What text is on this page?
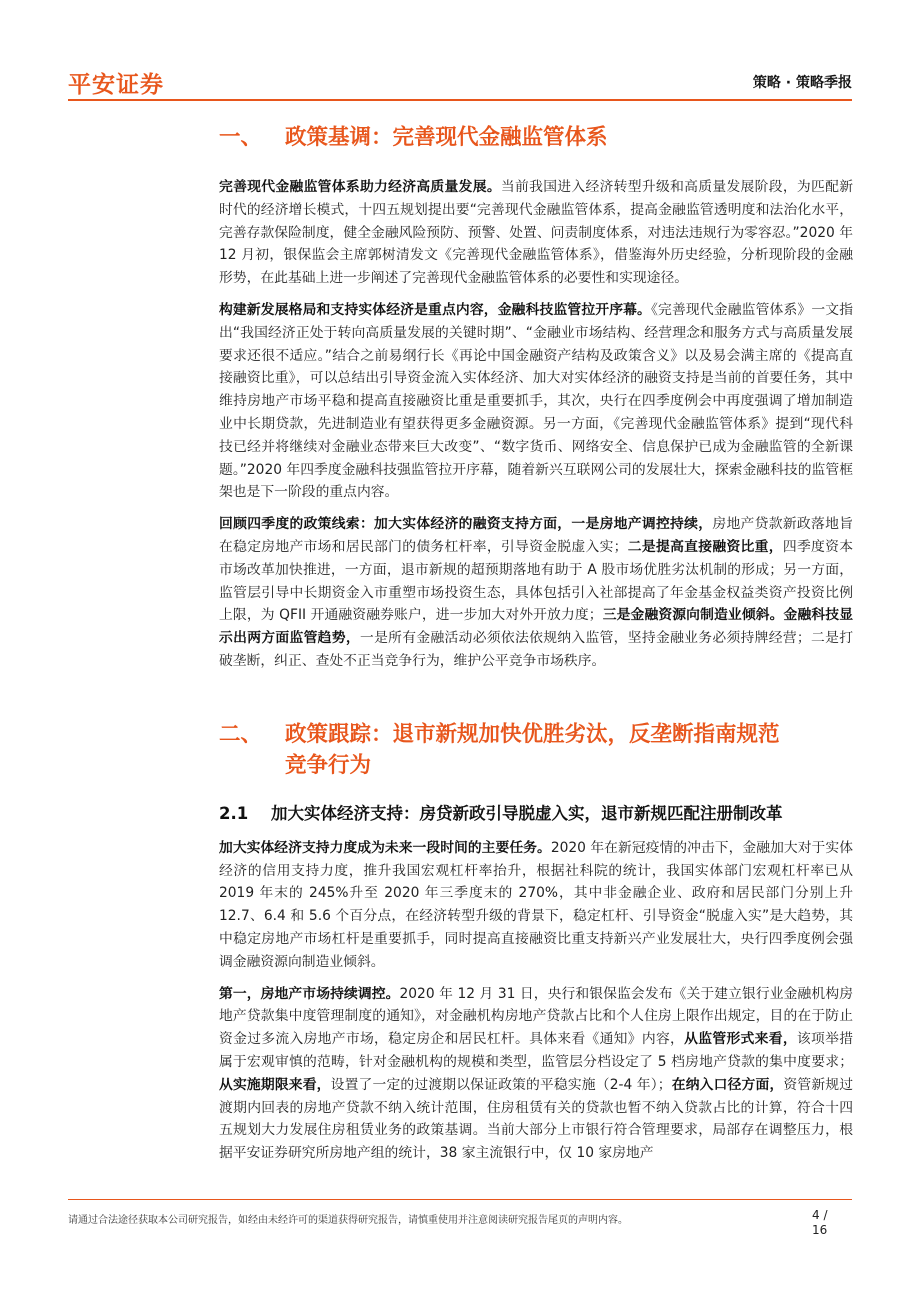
平安证券	策略 · 策略季报
一、 政策基调：完善现代金融监管体系

完善现代金融监管体系助力经济高质量发展。当前我国进入经济转型升级和高质量发展阶段，为匹配新时代的经济增长模式，十四五规划提出要“完善现代金融监管体系，提高金融监管透明度和法治化水平，完善存款保险制度，健全金融风险预防、预警、处置、问责制度体系，对违法违规行为零容忍。”2020 年 12 月初，银保监会主席郭树清发文《完善现代金融监管体系》，借鉴海外历史经验，分析现阶段的金融形势，在此基础上进一步阐述了完善现代金融监管体系的必要性和实现途径。

构建新发展格局和支持实体经济是重点内容，金融科技监管拉开序幕。《完善现代金融监管体系》一文指出“我国经济正处于转向高质量发展的关键时期”、“金融业市场结构、经营理念和服务方式与高质量发展要求还很不适应。”结合之前易纲行长《再论中国金融资产结构及政策含义》以及易会满主席的《提高直接融资比重》，可以总结出引导资金流入实体经济、加大对实体经济的融资支持是当前的首要任务，其中维持房地产市场平稳和提高直接融资比重是重要抓手，其次，央行在四季度例会中再度强调了增加制造业中长期贷款，先进制造业有望获得更多金融资源。另一方面，《完善现代金融监管体系》提到“现代科技已经并将继续对金融业态带来巨大改变”、“数字货币、网络安全、信息保护已成为金融监管的全新课题。”2020 年四季度金融科技强监管拉开序幕，随着新兴互联网公司的发展壮大，探索金融科技的监管框架也是下一阶段的重点内容。

回顾四季度的政策线索：加大实体经济的融资支持方面，一是房地产调控持续，房地产贷款新政落地旨在稳定房地产市场和居民部门的债务杠杆率，引导资金脱虚入实；二是提高直接融资比重，四季度资本市场改革加快推进，一方面，退市新规的超预期落地有助于 A 股市场优胜劣汰机制的形成；另一方面，监管层引导中长期资金入市重塑市场投资生态，具体包括引入社部提高了年金基金权益类资产投资比例上限，为 QFII 开通融资融券账户，进一步加大对外开放力度；三是金融资源向制造业倾斜。金融科技显示出两方面监管趋势，一是所有金融活动必须依法依规纳入监管，坚持金融业务必须持牌经营；二是打破垄断，纠正、查处不正当竞争行为，维护公平竞争市场秩序。

二、 政策跟踪：退市新规加快优胜劣汰，反垄断指南规范
竞争行为
2.1 加大实体经济支持：房贷新政引导脱虚入实，退市新规匹配注册制改革

加大实体经济支持力度成为未来一段时间的主要任务。2020 年在新冠疫情的冲击下，金融加大对于实体经济的信用支持力度，推升我国宏观杠杆率抬升，根据社科院的统计，我国实体部门宏观杠杆率已从 2019 年末的 245%升至 2020 年三季度末的 270%，其中非金融企业、政府和居民部门分别上升 12.7、6.4 和 5.6 个百分点，在经济转型升级的背景下，稳定杠杆、引导资金“脱虚入实”是大趋势，其中稳定房地产市场杠杆是重要抓手，同时提高直接融资比重支持新兴产业发展壮大，央行四季度例会强调金融资源向制造业倾斜。

第一，房地产市场持续调控。2020 年 12 月 31 日，央行和银保监会发布《关于建立银行业金融机构房地产贷款集中度管理制度的通知》，对金融机构房地产贷款占比和个人住房上限作出规定，目的在于防止资金过多流入房地产市场，稳定房企和居民杠杆。具体来看《通知》内容，从监管形式来看，该项举措属于宏观审慎的范畴，针对金融机构的规模和类型，监管层分档设定了 5 档房地产贷款的集中度要求；从实施期限来看，设置了一定的过渡期以保证政策的平稳实施（2-4 年）；在纳入口径方面，资管新规过渡期内回表的房地产贷款不纳入统计范围，住房租赁有关的贷款也暂不纳入贷款占比的计算，符合十四五规划大力发展住房租赁业务的政策基调。当前大部分上市银行符合管理要求，局部存在调整压力，根据平安证券研究所房地产组的统计，38 家主流银行中，仅 10 家房地产

请通过合法途径获取本公司研究报告，如经由未经许可的渠道获得研究报告，请慎重使用并注意阅读研究报告尾页的声明内容。	4 /
16
